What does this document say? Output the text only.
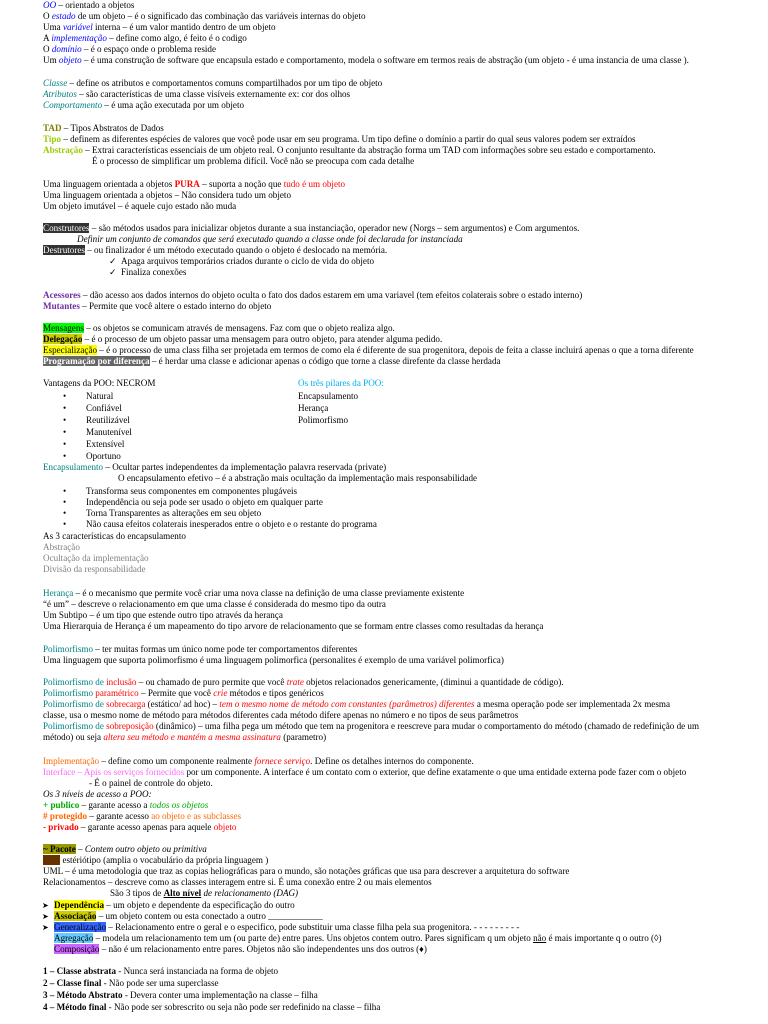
OO – orientado a objetos
O estado de um objeto – é o significado das combinação das variáveis internas do objeto
Uma variável interna – é um valor mantido dentro de um objeto
A implementação – define como algo, é feito é o codigo
O domínio – é o espaço onde o problema reside
Um objeto – é uma construção de software que encapsula estado e comportamento, modela o software em termos reais de abstração (um objeto - é uma instancia de uma classe ).
Classe – define os atributos e comportamentos comuns compartilhados por um tipo de objeto
Atributos – são características de uma classe visíveis externamente ex: cor dos olhos
Comportamento – é uma ação executada por um objeto
TAD – Tipos Abstratos de Dados
Tipo – definem as diferentes espécies de valores que você pode usar em seu programa. Um tipo define o domínio a partir do qual seus valores podem ser extraídos
Abstração – Extrai características essenciais de um objeto real. O conjunto resultante da abstração forma um TAD com informações sobre seu estado e comportamento.
É o processo de simplificar um problema difícil. Você não se preocupa com cada detalhe
Uma linguagem orientada a objetos PURA – suporta a noção que tudo é um objeto
Uma linguagem orientada a objetos – Não considera tudo um objeto
Um objeto imutável – é aquele cujo estado não muda
Construtores – são métodos usados para inicializar objetos durante a sua instanciação, operador new (Norgs – sem argumentos) e Com argumentos.
Definir um conjunto de comandos que será executado quando a classe onde foi declarada for instanciada
Destrutores – ou finalizador é um método executado quando o objeto é deslocado na memória.
✓ Apaga arquivos temporários criados durante o ciclo de vida do objeto
✓ Finaliza conexões
Acessores – dão acesso aos dados internos do objeto oculta o fato dos dados estarem em uma variavel (tem efeitos colaterais sobre o estado interno)
Mutantes – Permite que você altere o estado interno do objeto
Mensagens – os objetos se comunicam através de mensagens. Faz com que o objeto realiza algo.
Delegação – é o processo de um objeto passar uma mensagem para outro objeto, para atender alguma pedido.
Especialização – é o processo de uma class filha ser projetada em termos de como ela é diferente de sua progenitora, depois de feita a classe incluirá apenas o que a torna diferente
Programação por diferença – é herdar uma classe e adicionar apenas o código que torne a classe direfente da classe herdada
Vantagens da POO: NECROM	Os três pilares da POO:
• Natural
• Confiável
• Reutilizável
• Manutenível
• Extensível
• Oportuno
Encapsulamento
Herança
Polimorfismo
Encapsulamento – Ocultar partes independentes da implementação palavra reservada (private)
O encapsulamento efetivo – é a abstração mais ocultação da implementação mais responsabilidade
• Transforma seus componentes em componentes plugáveis
• Independência ou seja pode ser usado o objeto em qualquer parte
• Torna Transparentes as alterações em seu objeto
• Não causa efeitos colaterais inesperados entre o objeto e o restante do programa
As 3 características do encapsulamento
Abstração
Ocultação da implementação
Divisão da responsabilidade
Herança – é o mecanismo que permite você criar uma nova classe na definição de uma classe previamente existente
“é um” – descreve o relacionamento em que uma classe é considerada do mesmo tipo da outra
Um Subtipo – é um tipo que estende outro tipo através da herança
Uma Hierarquia de Herança é um mapeamento do tipo arvore de relacionamento que se formam entre classes como resultadas da herança
Polimorfismo – ter muitas formas um único nome pode ter comportamentos diferentes
Uma linguagem que suporta polimorfismo é uma linguagem polimorfica (personalites é exemplo de uma variável polimorfica)
Polimorfismo de inclusão – ou chamado de puro permite que você trate objetos relacionados genericamente, (diminui a quantidade de código).
Polimorfismo paramétrico – Permite que você crie métodos e tipos genéricos
Polimorfismo de sobrecarga (estático/ ad hoc) – tem o mesmo nome de método com constantes (parâmetros) diferentes a mesma operação pode ser implementada 2x mesma
classe, usa o mesmo nome de método para métodos diferentes cada método difere apenas no número e no tipos de seus parâmetros
Polimorfismo de sobreposição (dinâmico) – uma filha pega um método que tem na progenitora e reescreve para mudar o comportamento do método (chamado de redefinição de um
método) ou seja altera seu método e mantém a mesma assinatura (parametro)
Implementação – define como um componente realmente fornece serviço. Define os detalhes internos do componente.
Interface – Apis os serviços fornecidos por um componente. A interface é um contato com o exterior, que define exatamente o que uma entidade externa pode fazer com o objeto
- É o painel de controle do objeto.
Os 3 níveis de acesso a POO:
+ publico – garante acesso a todos os objetos
# protegido – garante acesso ao objeto e as subclasses
- privado – garante acesso apenas para aquele objeto
~ Pacote – Contem outro objeto ou primitiva
ester estériótipo (amplia o vocabulário da própria linguagem )
UML – é uma metodologia que traz as copias heliográficas para o mundo, são notações gráficas que usa para descrever a arquitetura do software
Relacionamentos – descreve como as classes interagem entre si. É uma conexão entre 2 ou mais elementos
São 3 tipos de Alto nível de relacionamento (DAG)
➤ Dependência – um objeto e dependente da especificação do outro
➤ Associação – um objeto contem ou esta conectado a outro ____________
➤ Generalização – Relacionamento entre o geral e o especifico, pode substituir uma classe filha pela sua progenitora. - - - - - - - - -
Agregação – modela um relacionamento tem um (ou parte de) entre pares. Uns objetos contem outro. Pares significam q um objeto não é mais importante q o outro (◊)
Composição – não é um relacionamento entre pares. Objetos não são independentes uns dos outros (♦)
1 – Classe abstrata - Nunca será instanciada na forma de objeto
2 – Classe final - Não pode ser uma superclasse
3 – Método Abstrato - Devera conter uma implementação na classe – filha
4 – Método final - Não pode ser sobrescrito ou seja não pode ser redefinido na classe – filha
